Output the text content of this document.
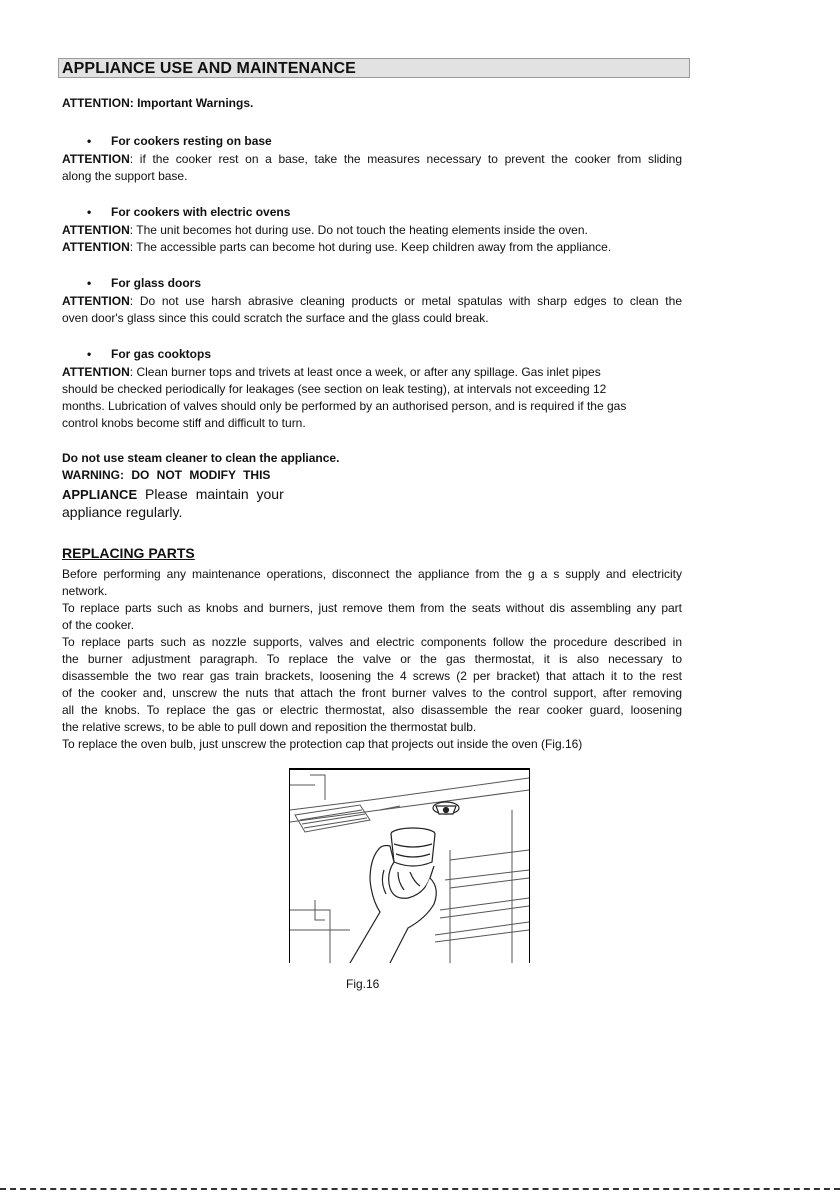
APPLIANCE USE AND MAINTENANCE
ATTENTION: Important Warnings.
• For cookers resting on base
ATTENTION: if the cooker rest on a base, take the measures necessary to prevent the cooker from sliding
along the support base.
• For cookers with electric ovens
ATTENTION: The unit becomes hot during use. Do not touch the heating elements inside the oven.
ATTENTION: The accessible parts can become hot during use. Keep children away from the appliance.
• For glass doors
ATTENTION: Do not use harsh abrasive cleaning products or metal spatulas with sharp edges to clean the
oven door's glass since this could scratch the surface and the glass could break.
• For gas cooktops
ATTENTION: Clean burner tops and trivets at least once a week, or after any spillage. Gas inlet pipes
should be checked periodically for leakages (see section on leak testing), at intervals not exceeding 12
months. Lubrication of valves should only be performed by an authorised person, and is required if the gas
control knobs become stiff and difficult to turn.
Do not use steam cleaner to clean the appliance.
WARNING: DO NOT MODIFY THIS
APPLIANCE Please maintain your
appliance regularly.
REPLACING PARTS
Before performing any maintenance operations, disconnect the appliance from the g a s supply and electricity
network.
To replace parts such as knobs and burners, just remove them from the seats without dis assembling any part
of the cooker.
To replace parts such as nozzle supports, valves and electric components follow the procedure described in
the burner adjustment paragraph. To replace the valve or the gas thermostat, it is also necessary to
disassemble the two rear gas train brackets, loosening the 4 screws (2 per bracket) that attach it to the rest
of the cooker and, unscrew the nuts that attach the front burner valves to the control support, after removing
all the knobs. To replace the gas or electric thermostat, also disassemble the rear cooker guard, loosening
the relative screws, to be able to pull down and reposition the thermostat bulb.
To replace the oven bulb, just unscrew the protection cap that projects out inside the oven (Fig.16)
Fig.16
